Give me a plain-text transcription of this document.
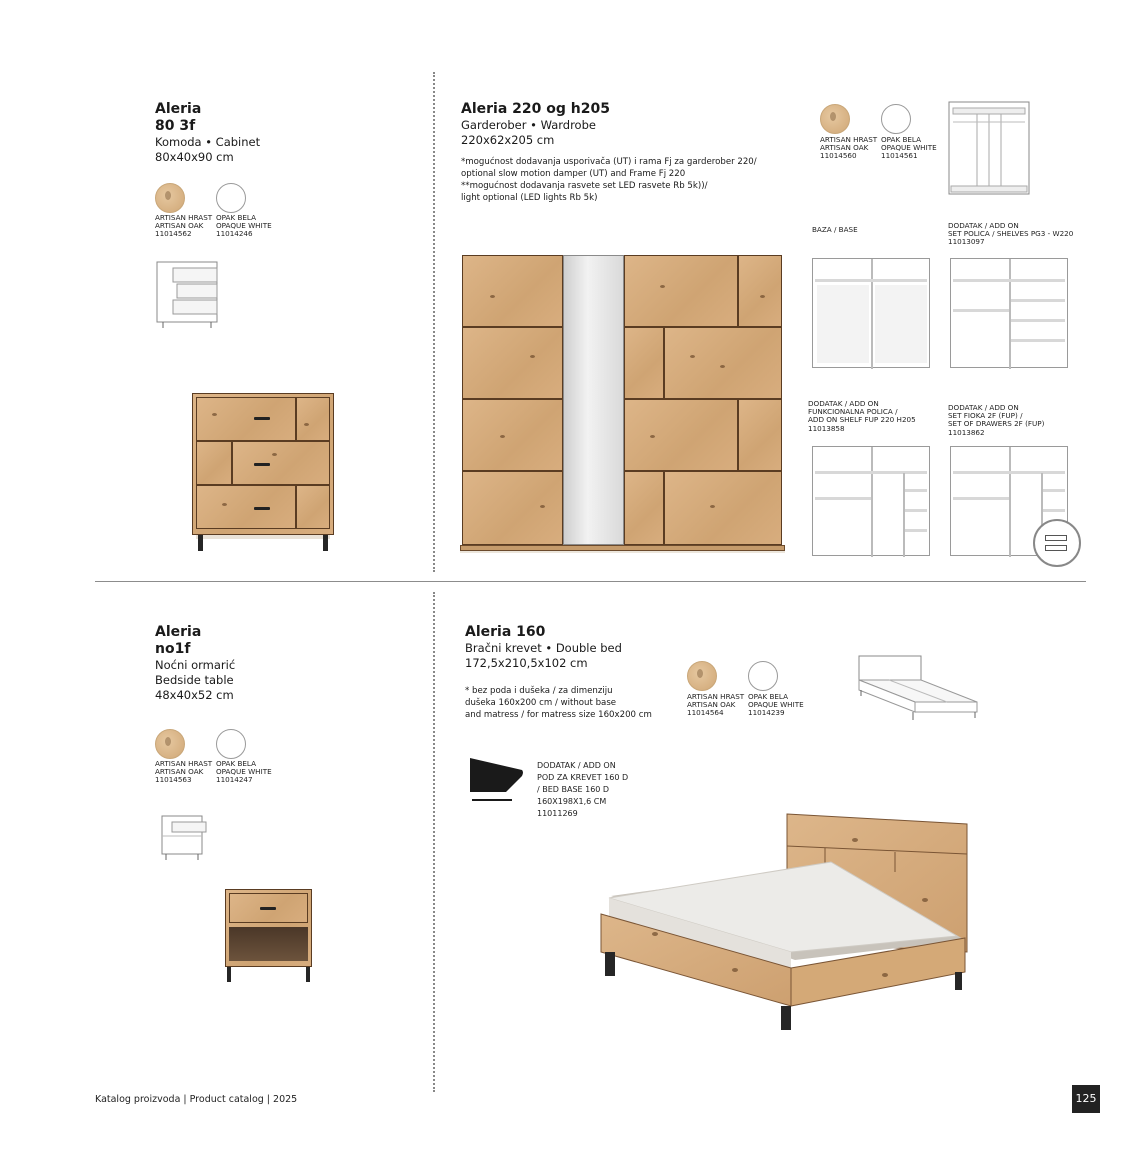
Aleria

80 3f

Komoda • Cabinet
80x40x90 cm
ARTISAN HRAST
ARTISAN OAK
11014562
OPAK BELA
OPAQUE WHITE
11014246

Aleria 220 og h205

Garderober • Wardrobe
220x62x205 cm
*mogućnost dodavanja usporivača (UT) i rama Fj za garderober 220/
optional slow motion damper (UT) and Frame Fj 220
**mogućnost dodavanja rasvete set LED rasvete Rb 5k))/
light optional (LED lights Rb 5k)
ARTISAN HRAST
ARTISAN OAK
11014560
OPAK BELA
OPAQUE WHITE
11014561
BAZA / BASE	DODATAK / ADD ON
SET POLICA / SHELVES PG3 - W220
11013097
DODATAK / ADD ON
FUNKCIONALNA POLICA /
ADD ON SHELF FUP 220 H205
11013858
DODATAK / ADD ON
SET FIOKA 2F (FUP) /
SET OF DRAWERS 2F (FUP)
11013862

Aleria

no1f

Noćni ormarić
Bedside table
48x40x52 cm
ARTISAN HRAST
ARTISAN OAK
11014563
OPAK BELA
OPAQUE WHITE
11014247

Aleria 160

Bračni krevet • Double bed
172,5x210,5x102 cm
* bez poda i dušeka / za dimenziju
dušeka 160x200 cm / without base
and matress / for matress size 160x200 cm
ARTISAN HRAST
ARTISAN OAK
11014564
OPAK BELA
OPAQUE WHITE
11014239
DODATAK / ADD ON
POD ZA KREVET 160 D
/ BED BASE 160 D
160X198X1,6 CM
11011269
Katalog proizvoda | Product catalog | 2025	125
